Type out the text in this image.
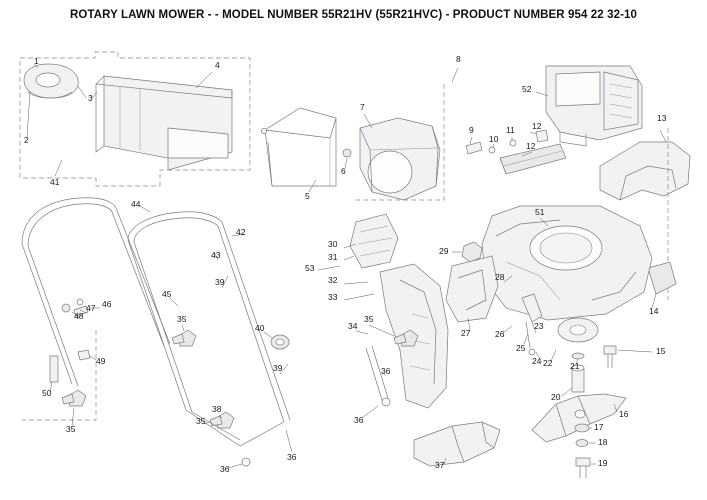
ROTARY LAWN MOWER - - MODEL NUMBER 55R21HV (55R21HVC) - PRODUCT NUMBER 954 22 32-10
1
2
3
4
5
6
7
8
9
10
11 12
12
13
14
15
16
17
18
19
20
21
22
23
24
25
26
27
28
29
30
31
32
33
34
35	35
35
35
36
36
36
36
37
38
39
39
40
41
42
43
44
45
46
47
48
49
50
51
52
53
